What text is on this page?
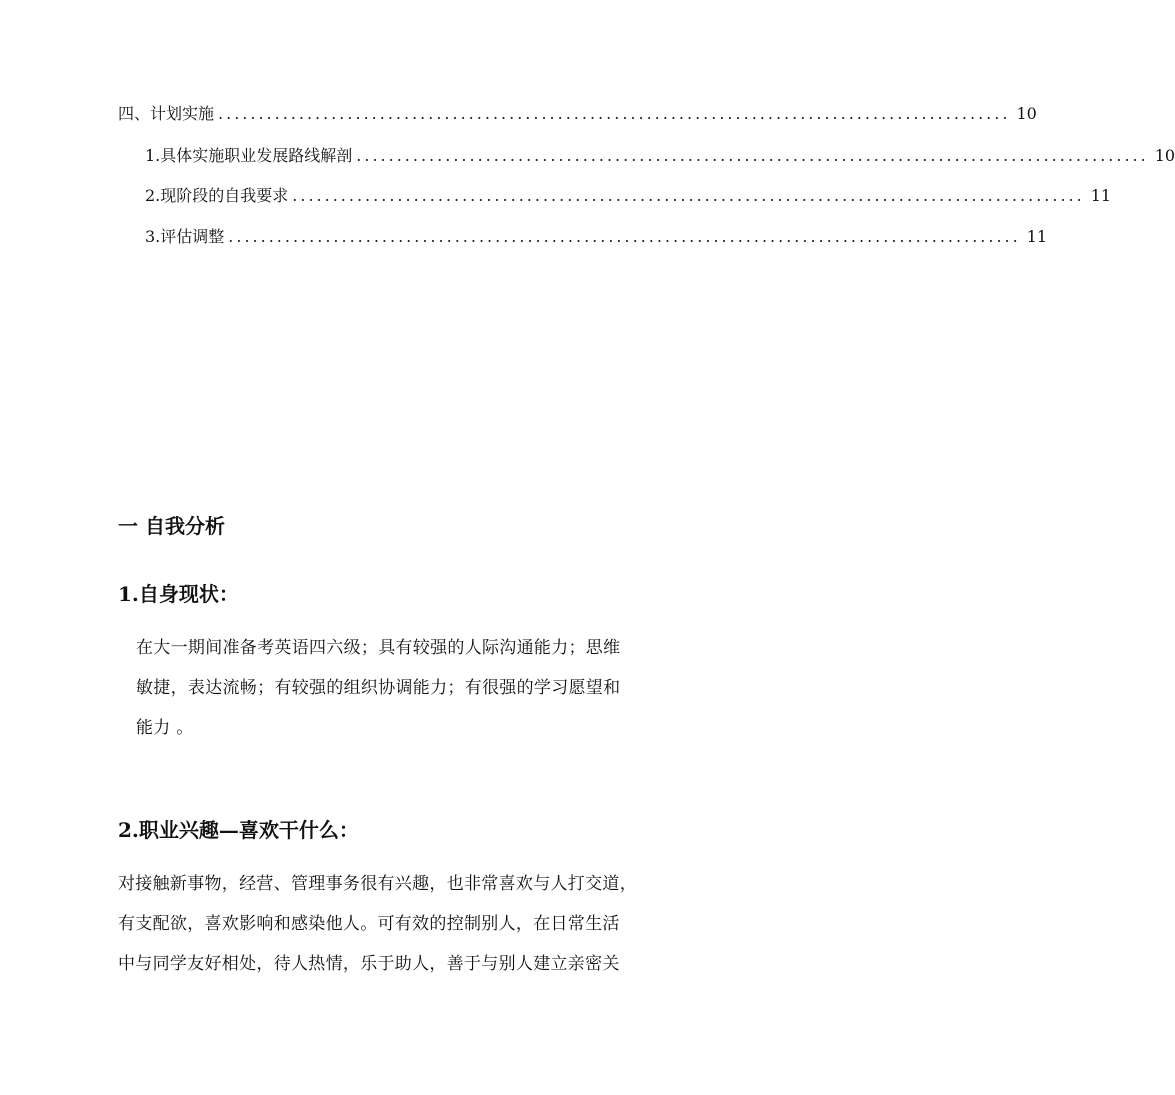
四、计划实施 .................................................................................................. 10
1.具体实施职业发展路线解剖 .................................................................................................. 10
2.现阶段的自我要求 .................................................................................................. 11
3.评估调整 .................................................................................................. 11
一 自我分析
1.自身现状：
在大一期间准备考英语四六级；具有较强的人际沟通能力；思维
敏捷，表达流畅；有较强的组织协调能力；有很强的学习愿望和
能力 。
2.职业兴趣—喜欢干什么：
对接触新事物，经营、管理事务很有兴趣，也非常喜欢与人打交道，
有支配欲，喜欢影响和感染他人。可有效的控制别人，在日常生活
中与同学友好相处，待人热情，乐于助人，善于与别人建立亲密关
